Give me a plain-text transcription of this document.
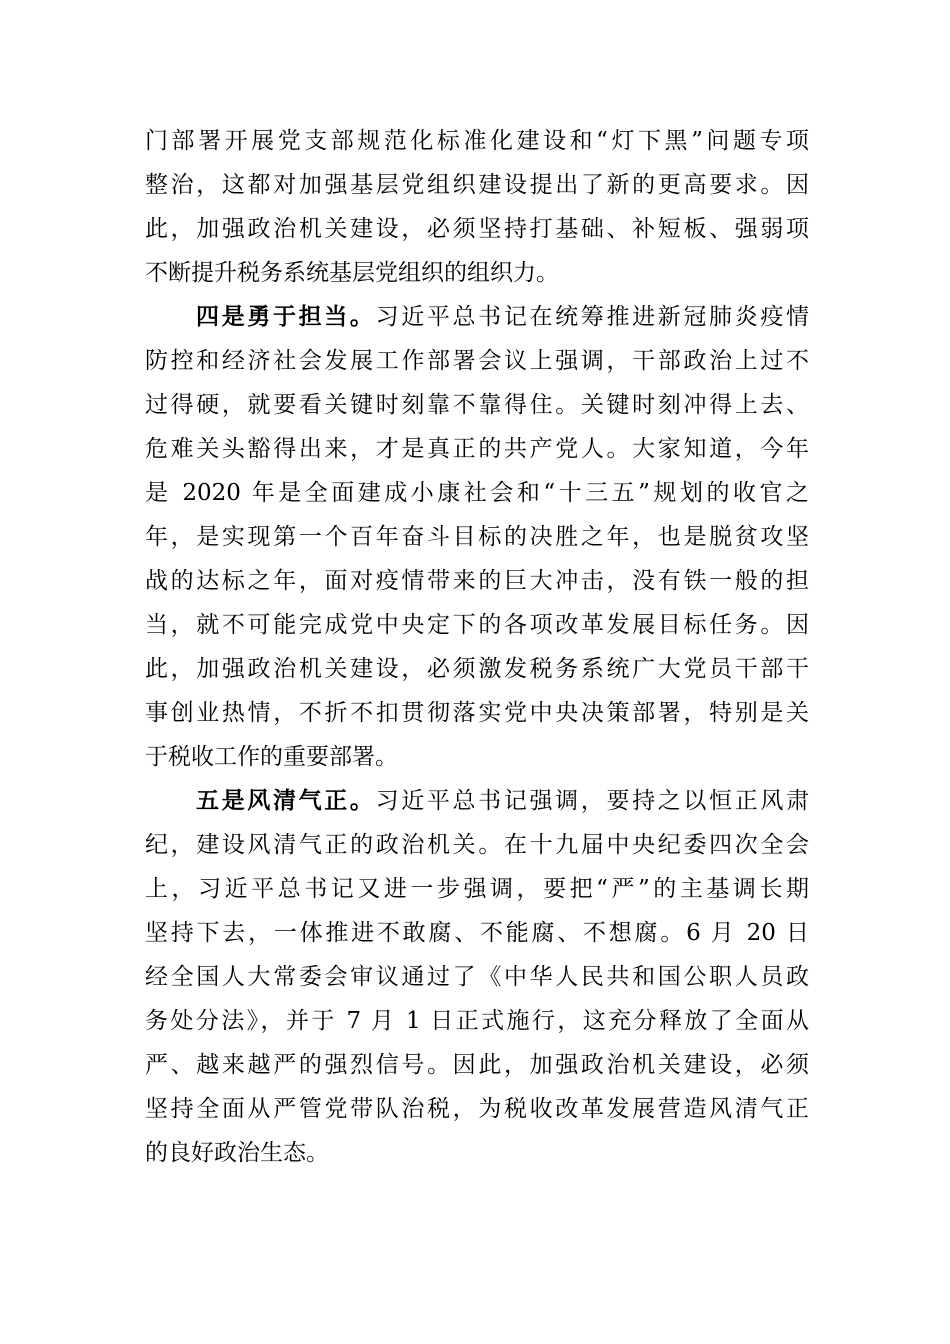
门部署开展党支部规范化标准化建设和“灯下黑”问题专项
整治，这都对加强基层党组织建设提出了新的更高要求。因
此，加强政治机关建设，必须坚持打基础、补短板、强弱项
不断提升税务系统基层党组织的组织力。
四是勇于担当。习近平总书记在统筹推进新冠肺炎疫情
防控和经济社会发展工作部署会议上强调，干部政治上过不
过得硬，就要看关键时刻靠不靠得住。关键时刻冲得上去、
危难关头豁得出来，才是真正的共产党人。大家知道，今年
是 2020 年是全面建成小康社会和“十三五”规划的收官之
年，是实现第一个百年奋斗目标的决胜之年，也是脱贫攻坚
战的达标之年，面对疫情带来的巨大冲击，没有铁一般的担
当，就不可能完成党中央定下的各项改革发展目标任务。因
此，加强政治机关建设，必须激发税务系统广大党员干部干
事创业热情，不折不扣贯彻落实党中央决策部署，特别是关
于税收工作的重要部署。
五是风清气正。习近平总书记强调，要持之以恒正风肃
纪，建设风清气正的政治机关。在十九届中央纪委四次全会
上，习近平总书记又进一步强调，要把“严”的主基调长期
坚持下去，一体推进不敢腐、不能腐、不想腐。6 月 20 日
经全国人大常委会审议通过了《中华人民共和国公职人员政
务处分法》，并于 7 月 1 日正式施行，这充分释放了全面从
严、越来越严的强烈信号。因此，加强政治机关建设，必须
坚持全面从严管党带队治税，为税收改革发展营造风清气正
的良好政治生态。
